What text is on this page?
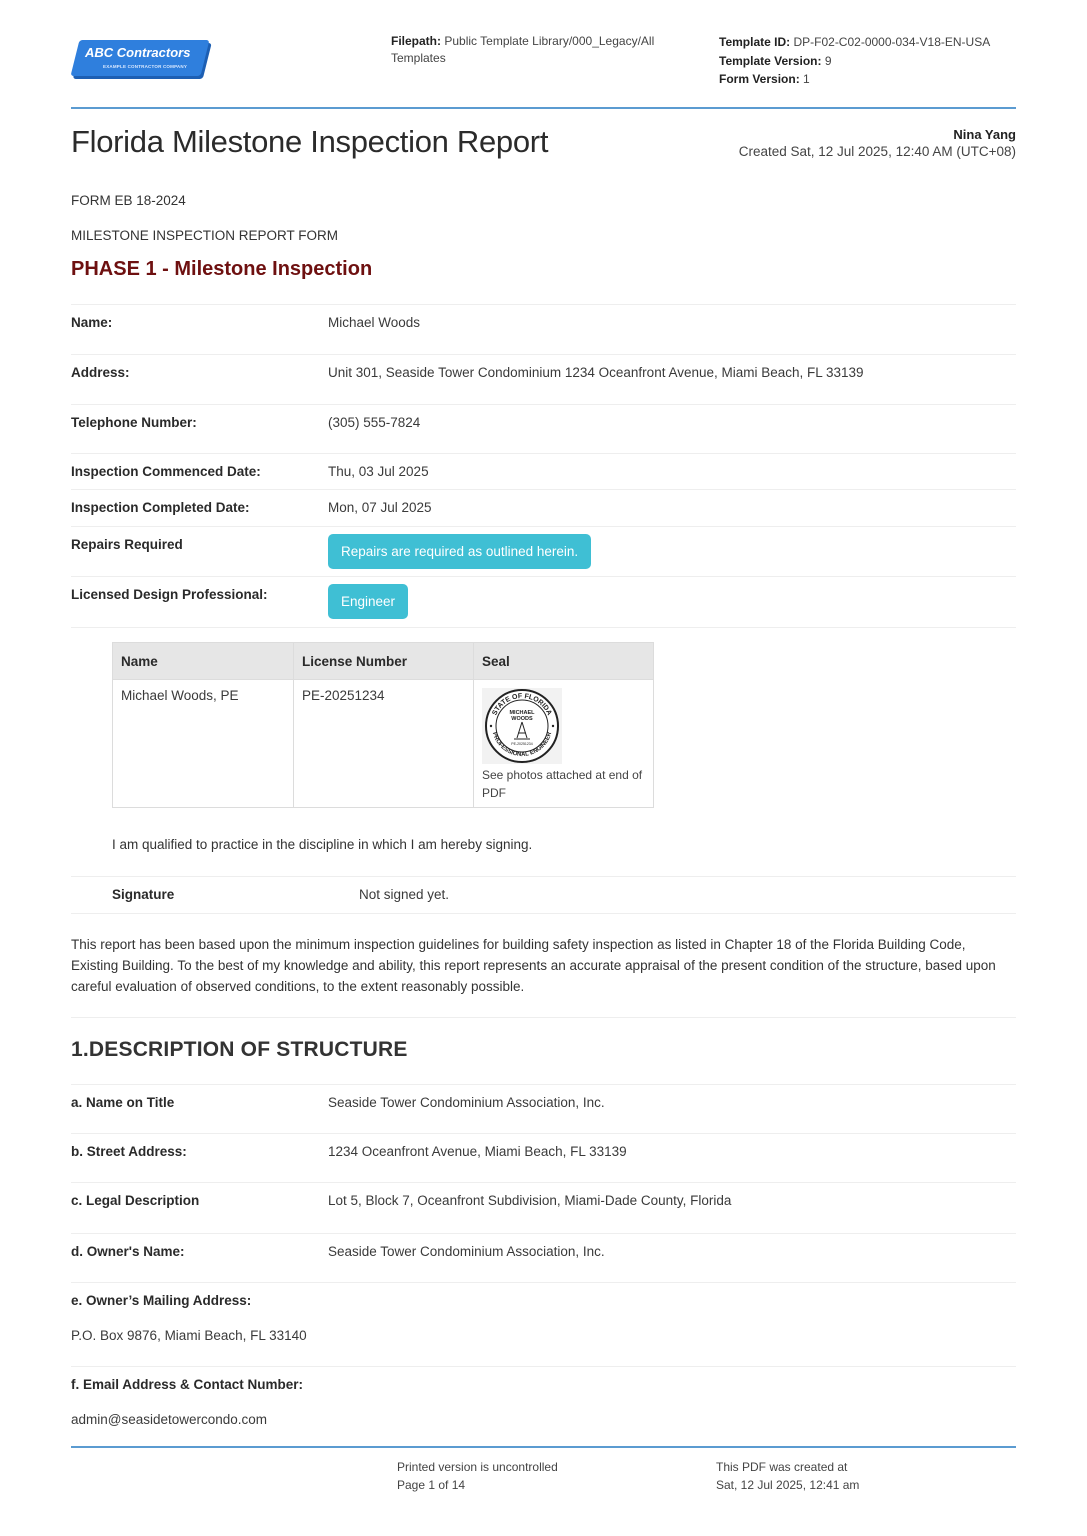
ABC Contractors
EXAMPLE CONTRACTOR COMPANY
Filepath: Public Template Library/000_Legacy/All Templates
Template ID: DP-F02-C02-0000-034-V18-EN-USA
Template Version: 9
Form Version: 1
Florida Milestone Inspection Report	Nina Yang
Created Sat, 12 Jul 2025, 12:40 AM (UTC+08)
FORM EB 18-2024
MILESTONE INSPECTION REPORT FORM
PHASE 1 - Milestone Inspection
Name:	Michael Woods
Address:	Unit 301, Seaside Tower Condominium 1234 Oceanfront Avenue, Miami Beach, FL 33139
Telephone Number:	(305) 555-7824
Inspection Commenced Date:	Thu, 03 Jul 2025
Inspection Completed Date:	Mon, 07 Jul 2025
Repairs Required	Repairs are required as outlined herein.
Licensed Design Professional:	Engineer
Name	License Number	Seal
Michael Woods, PE	PE-20251234	
STATE OF FLORIDA
PROFESSIONAL ENGINEER
MICHAEL
WOODS
PE-20251234
See photos attached at end of PDF
I am qualified to practice in the discipline in which I am hereby signing.
Signature	Not signed yet.

This report has been based upon the minimum inspection guidelines for building safety inspection as listed in Chapter 18 of the Florida Building Code, Existing Building. To the best of my knowledge and ability, this report represents an accurate appraisal of the present condition of the structure, based upon careful evaluation of observed conditions, to the extent reasonably possible.

1.DESCRIPTION OF STRUCTURE
a. Name on Title	Seaside Tower Condominium Association, Inc.
b. Street Address:	1234 Oceanfront Avenue, Miami Beach, FL 33139
c. Legal Description	Lot 5, Block 7, Oceanfront Subdivision, Miami-Dade County, Florida
d. Owner's Name:	Seaside Tower Condominium Association, Inc.
e. Owner’s Mailing Address:
P.O. Box 9876, Miami Beach, FL 33140
f. Email Address & Contact Number:
admin@seasidetowercondo.com
Printed version is uncontrolled
Page 1 of 14
This PDF was created at
Sat, 12 Jul 2025, 12:41 am
